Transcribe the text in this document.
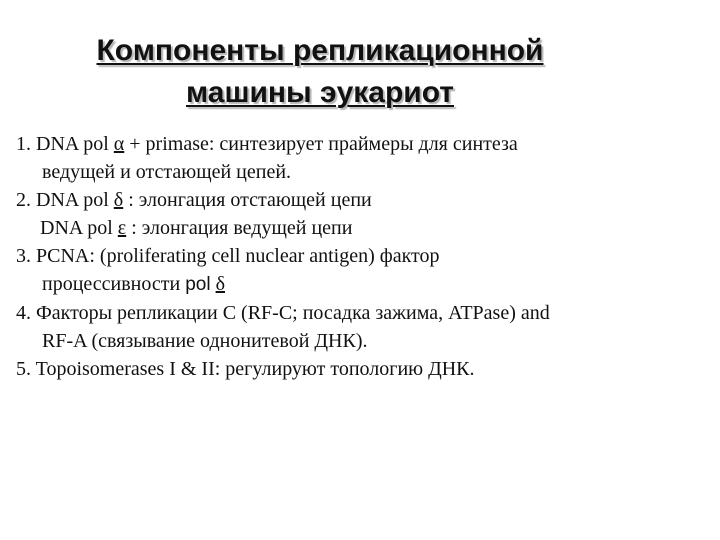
Компоненты репликационной
машины эукариот

1. DNA pol α + primase: синтезирует праймеры для синтеза
ведущей и отстающей цепей.

2. DNA pol δ : элонгация отстающей цепи

DNA pol ε : элонгация ведущей цепи

3. PCNA: (proliferating cell nuclear antigen) фактор
процессивности pol δ

4. Факторы репликации С (RF-C; посадка зажима, ATPase) and
RF-A (связывание однонитевой ДНК).

5. Topoisomerases I & II: регулируют топологию ДНК.
